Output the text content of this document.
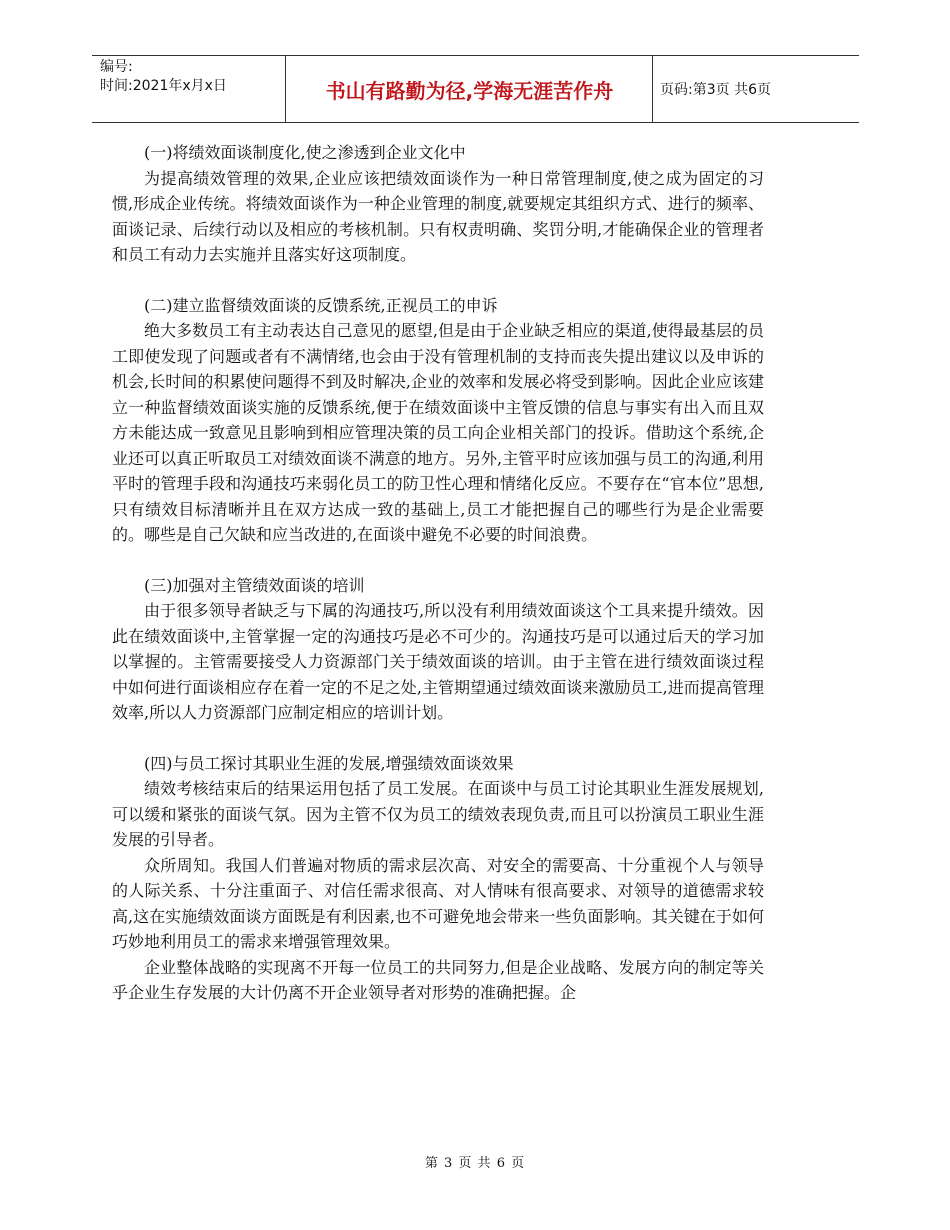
编号:
时间:2021年x月x日	书山有路勤为径,学海无涯苦作舟	页码:第3页 共6页

(一)将绩效面谈制度化,使之渗透到企业文化中

为提高绩效管理的效果,企业应该把绩效面谈作为一种日常管理制度,使之成为固定的习惯,形成企业传统。将绩效面谈作为一种企业管理的制度,就要规定其组织方式、进行的频率、面谈记录、后续行动以及相应的考核机制。只有权责明确、奖罚分明,才能确保企业的管理者和员工有动力去实施并且落实好这项制度。

(二)建立监督绩效面谈的反馈系统,正视员工的申诉

绝大多数员工有主动表达自己意见的愿望,但是由于企业缺乏相应的渠道,使得最基层的员工即使发现了问题或者有不满情绪,也会由于没有管理机制的支持而丧失提出建议以及申诉的机会,长时间的积累使问题得不到及时解决,企业的效率和发展必将受到影响。因此企业应该建立一种监督绩效面谈实施的反馈系统,便于在绩效面谈中主管反馈的信息与事实有出入而且双方未能达成一致意见且影响到相应管理决策的员工向企业相关部门的投诉。借助这个系统,企业还可以真正听取员工对绩效面谈不满意的地方。另外,主管平时应该加强与员工的沟通,利用平时的管理手段和沟通技巧来弱化员工的防卫性心理和情绪化反应。不要存在“官本位”思想,只有绩效目标清晰并且在双方达成一致的基础上,员工才能把握自己的哪些行为是企业需要的。哪些是自己欠缺和应当改进的,在面谈中避免不必要的时间浪费。

(三)加强对主管绩效面谈的培训

由于很多领导者缺乏与下属的沟通技巧,所以没有利用绩效面谈这个工具来提升绩效。因此在绩效面谈中,主管掌握一定的沟通技巧是必不可少的。沟通技巧是可以通过后天的学习加以掌握的。主管需要接受人力资源部门关于绩效面谈的培训。由于主管在进行绩效面谈过程中如何进行面谈相应存在着一定的不足之处,主管期望通过绩效面谈来激励员工,进而提高管理效率,所以人力资源部门应制定相应的培训计划。

(四)与员工探讨其职业生涯的发展,增强绩效面谈效果

绩效考核结束后的结果运用包括了员工发展。在面谈中与员工讨论其职业生涯发展规划,可以缓和紧张的面谈气氛。因为主管不仅为员工的绩效表现负责,而且可以扮演员工职业生涯发展的引导者。

众所周知。我国人们普遍对物质的需求层次高、对安全的需要高、十分重视个人与领导的人际关系、十分注重面子、对信任需求很高、对人情味有很高要求、对领导的道德需求较高,这在实施绩效面谈方面既是有利因素,也不可避免地会带来一些负面影响。其关键在于如何巧妙地利用员工的需求来增强管理效果。

企业整体战略的实现离不开每一位员工的共同努力,但是企业战略、发展方向的制定等关乎企业生存发展的大计仍离不开企业领导者对形势的准确把握。企

第 3 页 共 6 页
